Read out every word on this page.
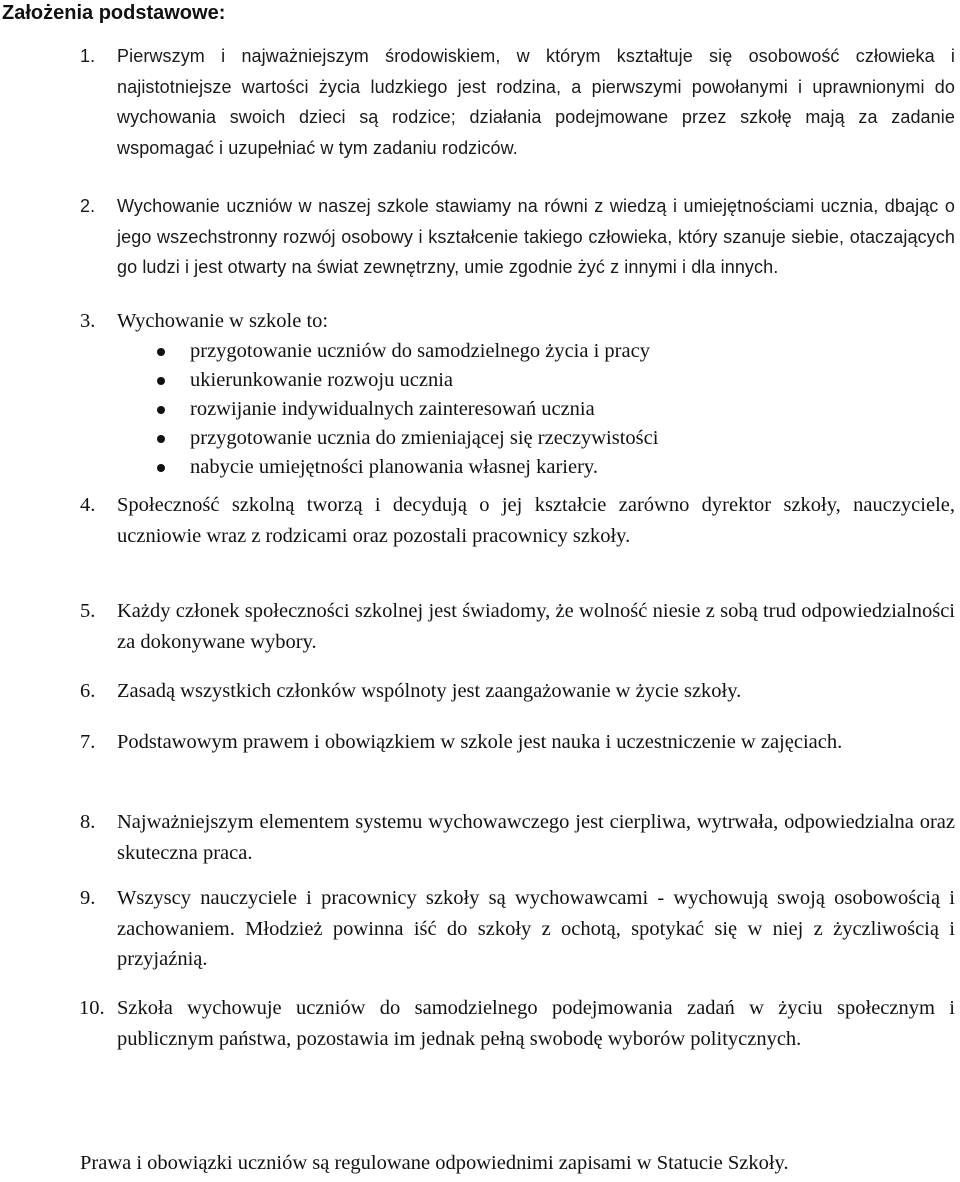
Założenia podstawowe:
1. Pierwszym i najważniejszym środowiskiem, w którym kształtuje się osobowość człowieka i najistotniejsze wartości życia ludzkiego jest rodzina, a pierwszymi powołanymi i uprawnionymi do wychowania swoich dzieci są rodzice; działania podejmowane przez szkołę mają za zadanie wspomagać i uzupełniać w tym zadaniu rodziców.
2. Wychowanie uczniów w naszej szkole stawiamy na równi z wiedzą i umiejętnościami ucznia, dbając o jego wszechstronny rozwój osobowy i kształcenie takiego człowieka, który szanuje siebie, otaczających go ludzi i jest otwarty na świat zewnętrzny, umie zgodnie żyć z innymi i dla innych.
3. Wychowanie w szkole to:
przygotowanie uczniów do samodzielnego życia i pracy
ukierunkowanie rozwoju ucznia
rozwijanie indywidualnych zainteresowań ucznia
przygotowanie ucznia do zmieniającej się rzeczywistości
nabycie umiejętności planowania własnej kariery.
4. Społeczność szkolną tworzą i decydują o jej kształcie zarówno dyrektor szkoły, nauczyciele, uczniowie wraz z rodzicami oraz pozostali pracownicy szkoły.
5. Każdy członek społeczności szkolnej jest świadomy, że wolność niesie z sobą trud odpowiedzialności za dokonywane wybory.
6. Zasadą wszystkich członków wspólnoty jest zaangażowanie w życie szkoły.
7. Podstawowym prawem i obowiązkiem w szkole jest nauka i uczestniczenie w zajęciach.
8. Najważniejszym elementem systemu wychowawczego jest cierpliwa, wytrwała, odpowiedzialna oraz skuteczna praca.
9. Wszyscy nauczyciele i pracownicy szkoły są wychowawcami - wychowują swoją osobowością i zachowaniem. Młodzież powinna iść do szkoły z ochotą, spotykać się w niej z życzliwością i przyjaźnią.
10. Szkoła wychowuje uczniów do samodzielnego podejmowania zadań w życiu społecznym i publicznym państwa, pozostawia im jednak pełną swobodę wyborów politycznych.
Prawa i obowiązki uczniów są regulowane odpowiednimi zapisami w Statucie Szkoły.
